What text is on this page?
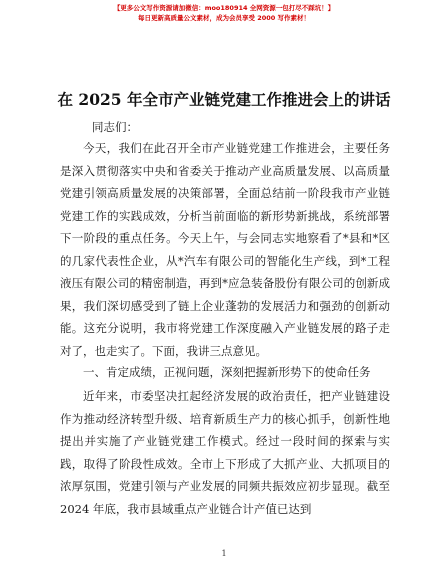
【更多公文写作资源请加微信：moo180914 全网资源一包打尽不踩坑！】
每日更新高质量公文素材，成为会员享受 2000 写作素材！
在 2025 年全市产业链党建工作推进会上的讲话
同志们：

今天，我们在此召开全市产业链党建工作推进会，主要任务是深入贯彻落实中央和省委关于推动产业高质量发展、以高质量党建引领高质量发展的决策部署，全面总结前一阶段我市产业链党建工作的实践成效，分析当前面临的新形势新挑战，系统部署下一阶段的重点任务。今天上午，与会同志实地察看了*县和*区的几家代表性企业，从*汽车有限公司的智能化生产线，到*工程液压有限公司的精密制造，再到*应急装备股份有限公司的创新成果，我们深切感受到了链上企业蓬勃的发展活力和强劲的创新动能。这充分说明，我市将党建工作深度融入产业链发展的路子走对了，也走实了。下面，我讲三点意见。

一、肯定成绩，正视问题，深刻把握新形势下的使命任务

近年来，市委坚决扛起经济发展的政治责任，把产业链建设作为推动经济转型升级、培育新质生产力的核心抓手，创新性地提出并实施了产业链党建工作模式。经过一段时间的探索与实践，取得了阶段性成效。全市上下形成了大抓产业、大抓项目的浓厚氛围，党建引领与产业发展的同频共振效应初步显现。截至 2024 年底，我市县域重点产业链合计产值已达到

1
